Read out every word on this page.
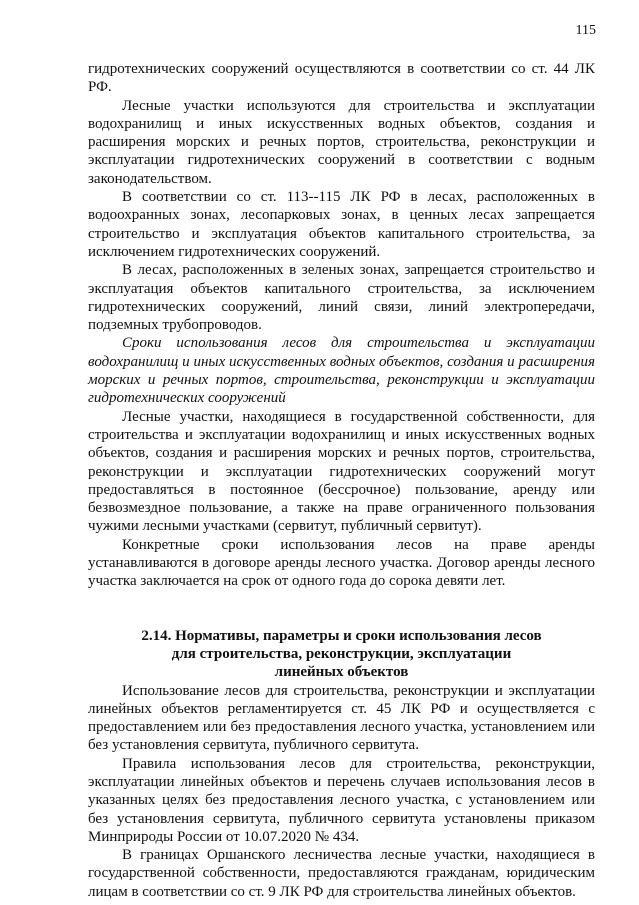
115

гидротехнических сооружений осуществляются в соответствии со ст. 44 ЛК РФ.

Лесные участки используются для строительства и эксплуатации водохранилищ и иных искусственных водных объектов, создания и расширения морских и речных портов, строительства, реконструкции и эксплуатации гидротехнических сооружений в соответствии с водным законодательством.

В соответствии со ст. 113--115 ЛК РФ в лесах, расположенных в водоохранных зонах, лесопарковых зонах, в ценных лесах запрещается строительство и эксплуатация объектов капитального строительства, за исключением гидротехнических сооружений.

В лесах, расположенных в зеленых зонах, запрещается строительство и эксплуатация объектов капитального строительства, за исключением гидротехнических сооружений, линий связи, линий электропередачи, подземных трубопроводов.

Сроки использования лесов для строительства и эксплуатации водохранилищ и иных искусственных водных объектов, создания и расширения морских и речных портов, строительства, реконструкции и эксплуатации гидротехнических сооружений

Лесные участки, находящиеся в государственной собственности, для строительства и эксплуатации водохранилищ и иных искусственных водных объектов, создания и расширения морских и речных портов, строительства, реконструкции и эксплуатации гидротехнических сооружений могут предоставляться в постоянное (бессрочное) пользование, аренду или безвозмездное пользование, а также на праве ограниченного пользования чужими лесными участками (сервитут, публичный сервитут).

Конкретные сроки использования лесов на праве аренды устанавливаются в договоре аренды лесного участка. Договор аренды лесного участка заключается на срок от одного года до сорока девяти лет.

2.14. Нормативы, параметры и сроки использования лесов
для строительства, реконструкции, эксплуатации
линейных объектов

Использование лесов для строительства, реконструкции и эксплуатации линейных объектов регламентируется ст. 45 ЛК РФ и осуществляется с предоставлением или без предоставления лесного участка, установлением или без установления сервитута, публичного сервитута.

Правила использования лесов для строительства, реконструкции, эксплуатации линейных объектов и перечень случаев использования лесов в указанных целях без предоставления лесного участка, с установлением или без установления сервитута, публичного сервитута установлены приказом Минприроды России от 10.07.2020 № 434.

В границах Оршанского лесничества лесные участки, находящиеся в государственной собственности, предоставляются гражданам, юридическим лицам в соответствии со ст. 9 ЛК РФ для строительства линейных объектов.
